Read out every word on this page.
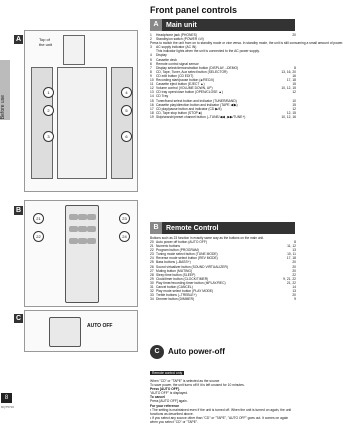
Before use
8
RQT5720
A	Top of the unit
1
2
3
4
5
6
B
21
22
23
24
C
AUTO OFF
Front panel controls
A	Main unit
1	Headphone jack (PHONES)	20
2	Standby/on switch (POWER ⏻/I)
Press to switch the unit from on to standby mode or vice versa. In standby mode, the unit is still consuming a small amount of power.
3	AC supply indicator (AC IN)
This indicator lights when the unit is connected to the AC power supply.
4	Display
5	Cassette deck
6	Remote control signal sensor
7	Display select/demonstration button (DISPLAY, –DEMO)	8
8	CD, Tape, Tuner, Aux select button (SELECTOR)	13, 16, 20
9	CD edit button (CD EDIT)	16
10 Recording start/pause button (●/REC/II)	17, 18
11 Cassette eject button (EJECT ▲)	15
12 Volume control (VOLUME DOWN, UP)	10, 12, 15
13 CD tray open/close button (OPEN/CLOSE ▲)	12
14 CD Tray
15 Tuner/band select button and indicator (TUNER/BAND)	10
16 Cassette play/direction button and indicator (TAPE ◀/▶)	15
17 CD play/pause button and indicator (CD ▶/II)	12
18 CD, Tape stop button (STOP ■)	12, 15
19 Skip/search/preset channel button (–TUNE/◀◀ , ▶▶/TUNE+)	10, 12, 16
B	Remote Control
Buttons such as 23 function in exactly same way as the buttons on the main unit.
20 Auto power off button (AUTO OFF)	8
21 Numeric buttons	11, 12
22 Program button (PROGRAM)	13
23 Tuning mode select button (TUNE MODE)	10, 11
24 Reverse mode select button (REV MODE)	17, 18
25 Bass buttons (–BASS+)	20
26 Sound virtualizer button (SOUND VIRTUALIZER)	20
27 Muting button (MUTING)	20
28 Sleep time button (SLEEP)	22
29 Clock/timer button (CLOCK/TIMER)	9, 21, 22
30 Play timer/recording timer button (✲PLAY/REC)	21, 22
31 Cancel button (CANCEL)	14
32 Play mode select button (PLAY MODE)	13
33 Treble buttons (–TREBLE+)	20
34 Dimmer button (DIMMER)	9
C	Auto power-off
Remote control only
When "CD" or "TAPE" is selected as the source
To save power, the unit turns off if it is left unused for 10 minutes.
Press [AUTO OFF].
"AUTO OFF" is displayed.
To cancel
Press [AUTO OFF] again.
For your reference
• The setting is maintained even if the unit is turned off. When the unit is turned on again, the unit functions as described above.
• If you select any source other than "CD" or "TAPE", "AUTO OFF" goes out. It comes on again when you select "CD" or "TAPE".
